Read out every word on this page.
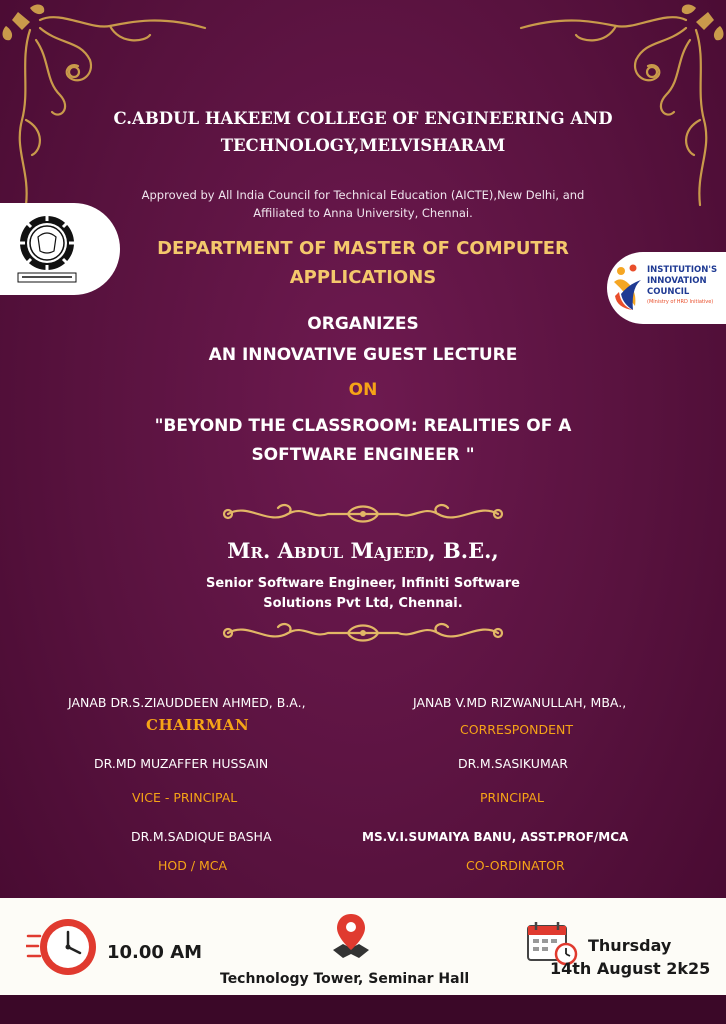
C.ABDUL HAKEEM COLLEGE OF ENGINEERING AND TECHNOLOGY,MELVISHARAM
Approved by All India Council for Technical Education (AICTE),New Delhi, and Affiliated to Anna University, Chennai.
INSTITUTION'S
INNOVATION
COUNCIL
(Ministry of HRD Initiative)
DEPARTMENT OF MASTER OF COMPUTER APPLICATIONS
ORGANIZES
AN INNOVATIVE GUEST LECTURE
ON
"BEYOND THE CLASSROOM: REALITIES OF A SOFTWARE ENGINEER "
Mr. Abdul Majeed, B.E.,
Senior Software Engineer, Infiniti Software Solutions Pvt Ltd, Chennai.
JANAB DR.S.ZIAUDDEEN AHMED, B.A.,
CHAIRMAN
JANAB V.MD RIZWANULLAH, MBA.,
CORRESPONDENT
DR.MD MUZAFFER HUSSAIN
VICE - PRINCIPAL
DR.M.SASIKUMAR
PRINCIPAL
DR.M.SADIQUE BASHA
HOD / MCA
MS.V.I.SUMAIYA BANU, ASST.PROF/MCA
CO-ORDINATOR
10.00 AM
Technology Tower, Seminar Hall
Thursday
14th August 2k25
